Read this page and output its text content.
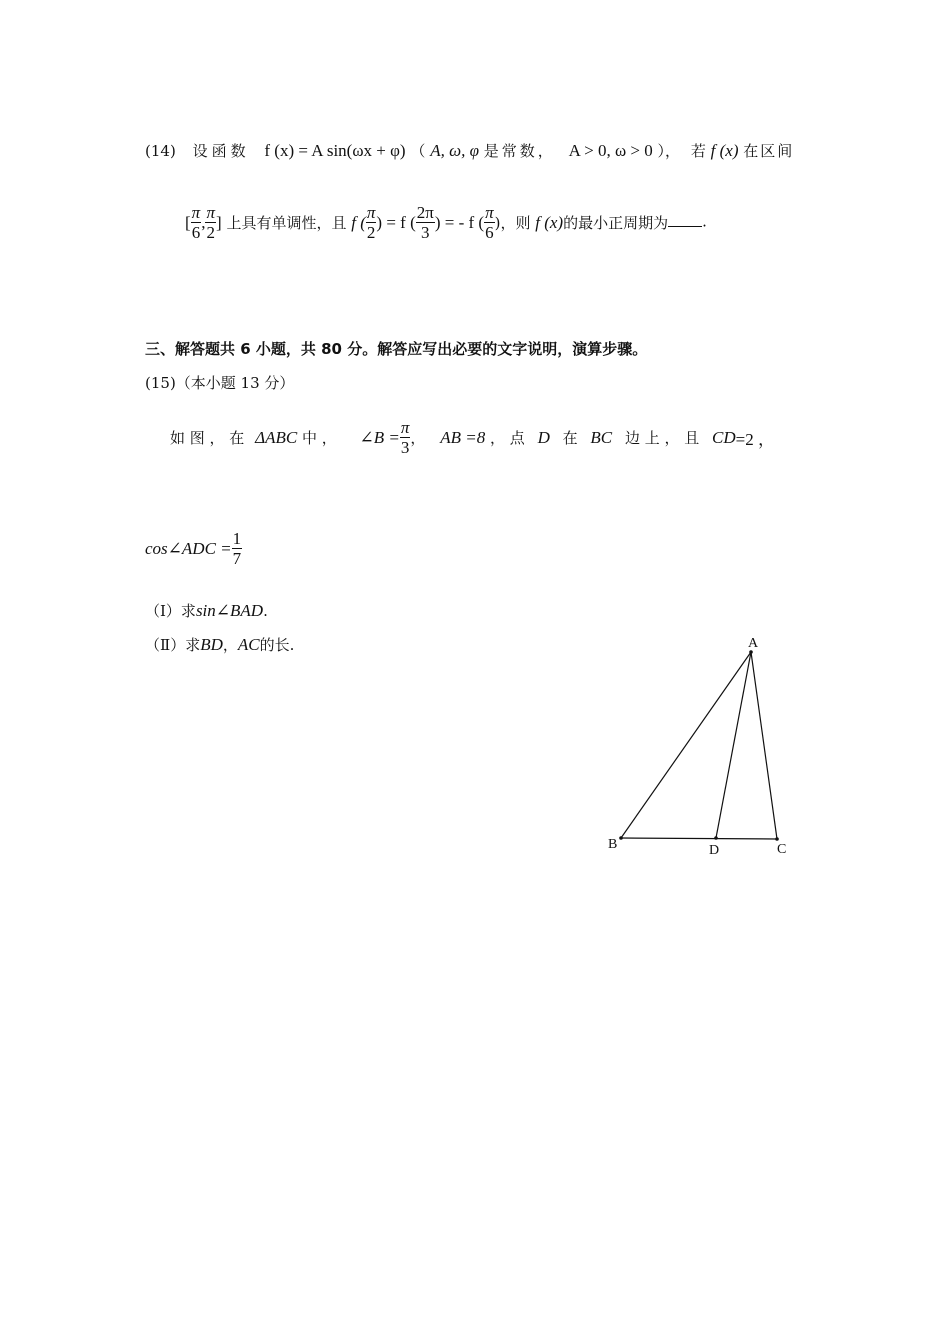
(14) 设函数 f (x) = A sin(ωx + φ) （ A, ω, φ 是常数， A > 0, ω > 0 ）， 若 f (x) 在区间
[ $\frac{\pi}{6}$ , $\frac{\pi}{2}$ ] 上具有单调性，且 f ( $\frac{\pi}{2}$ ) = f ( $\frac{2\pi}{3}$ ) = - f ( $\frac{\pi}{6}$ )，则 f (x)的最小正周期为 .
三、解答题共 6 小题，共 80 分。解答应写出必要的文字说明，演算步骤。
(15)（本小题 13 分）
如 图 ， 在 ΔABC 中 ， ∠B = $\frac{\pi}{3}$ ， AB =8 ， 点 D 在 BC 边 上 ， 且 CD=2 ，
cos∠ADC = $\frac{1}{7}$
（Ⅰ）求sin∠BAD.
（Ⅱ）求BD，AC的长.	A
B	D	C
